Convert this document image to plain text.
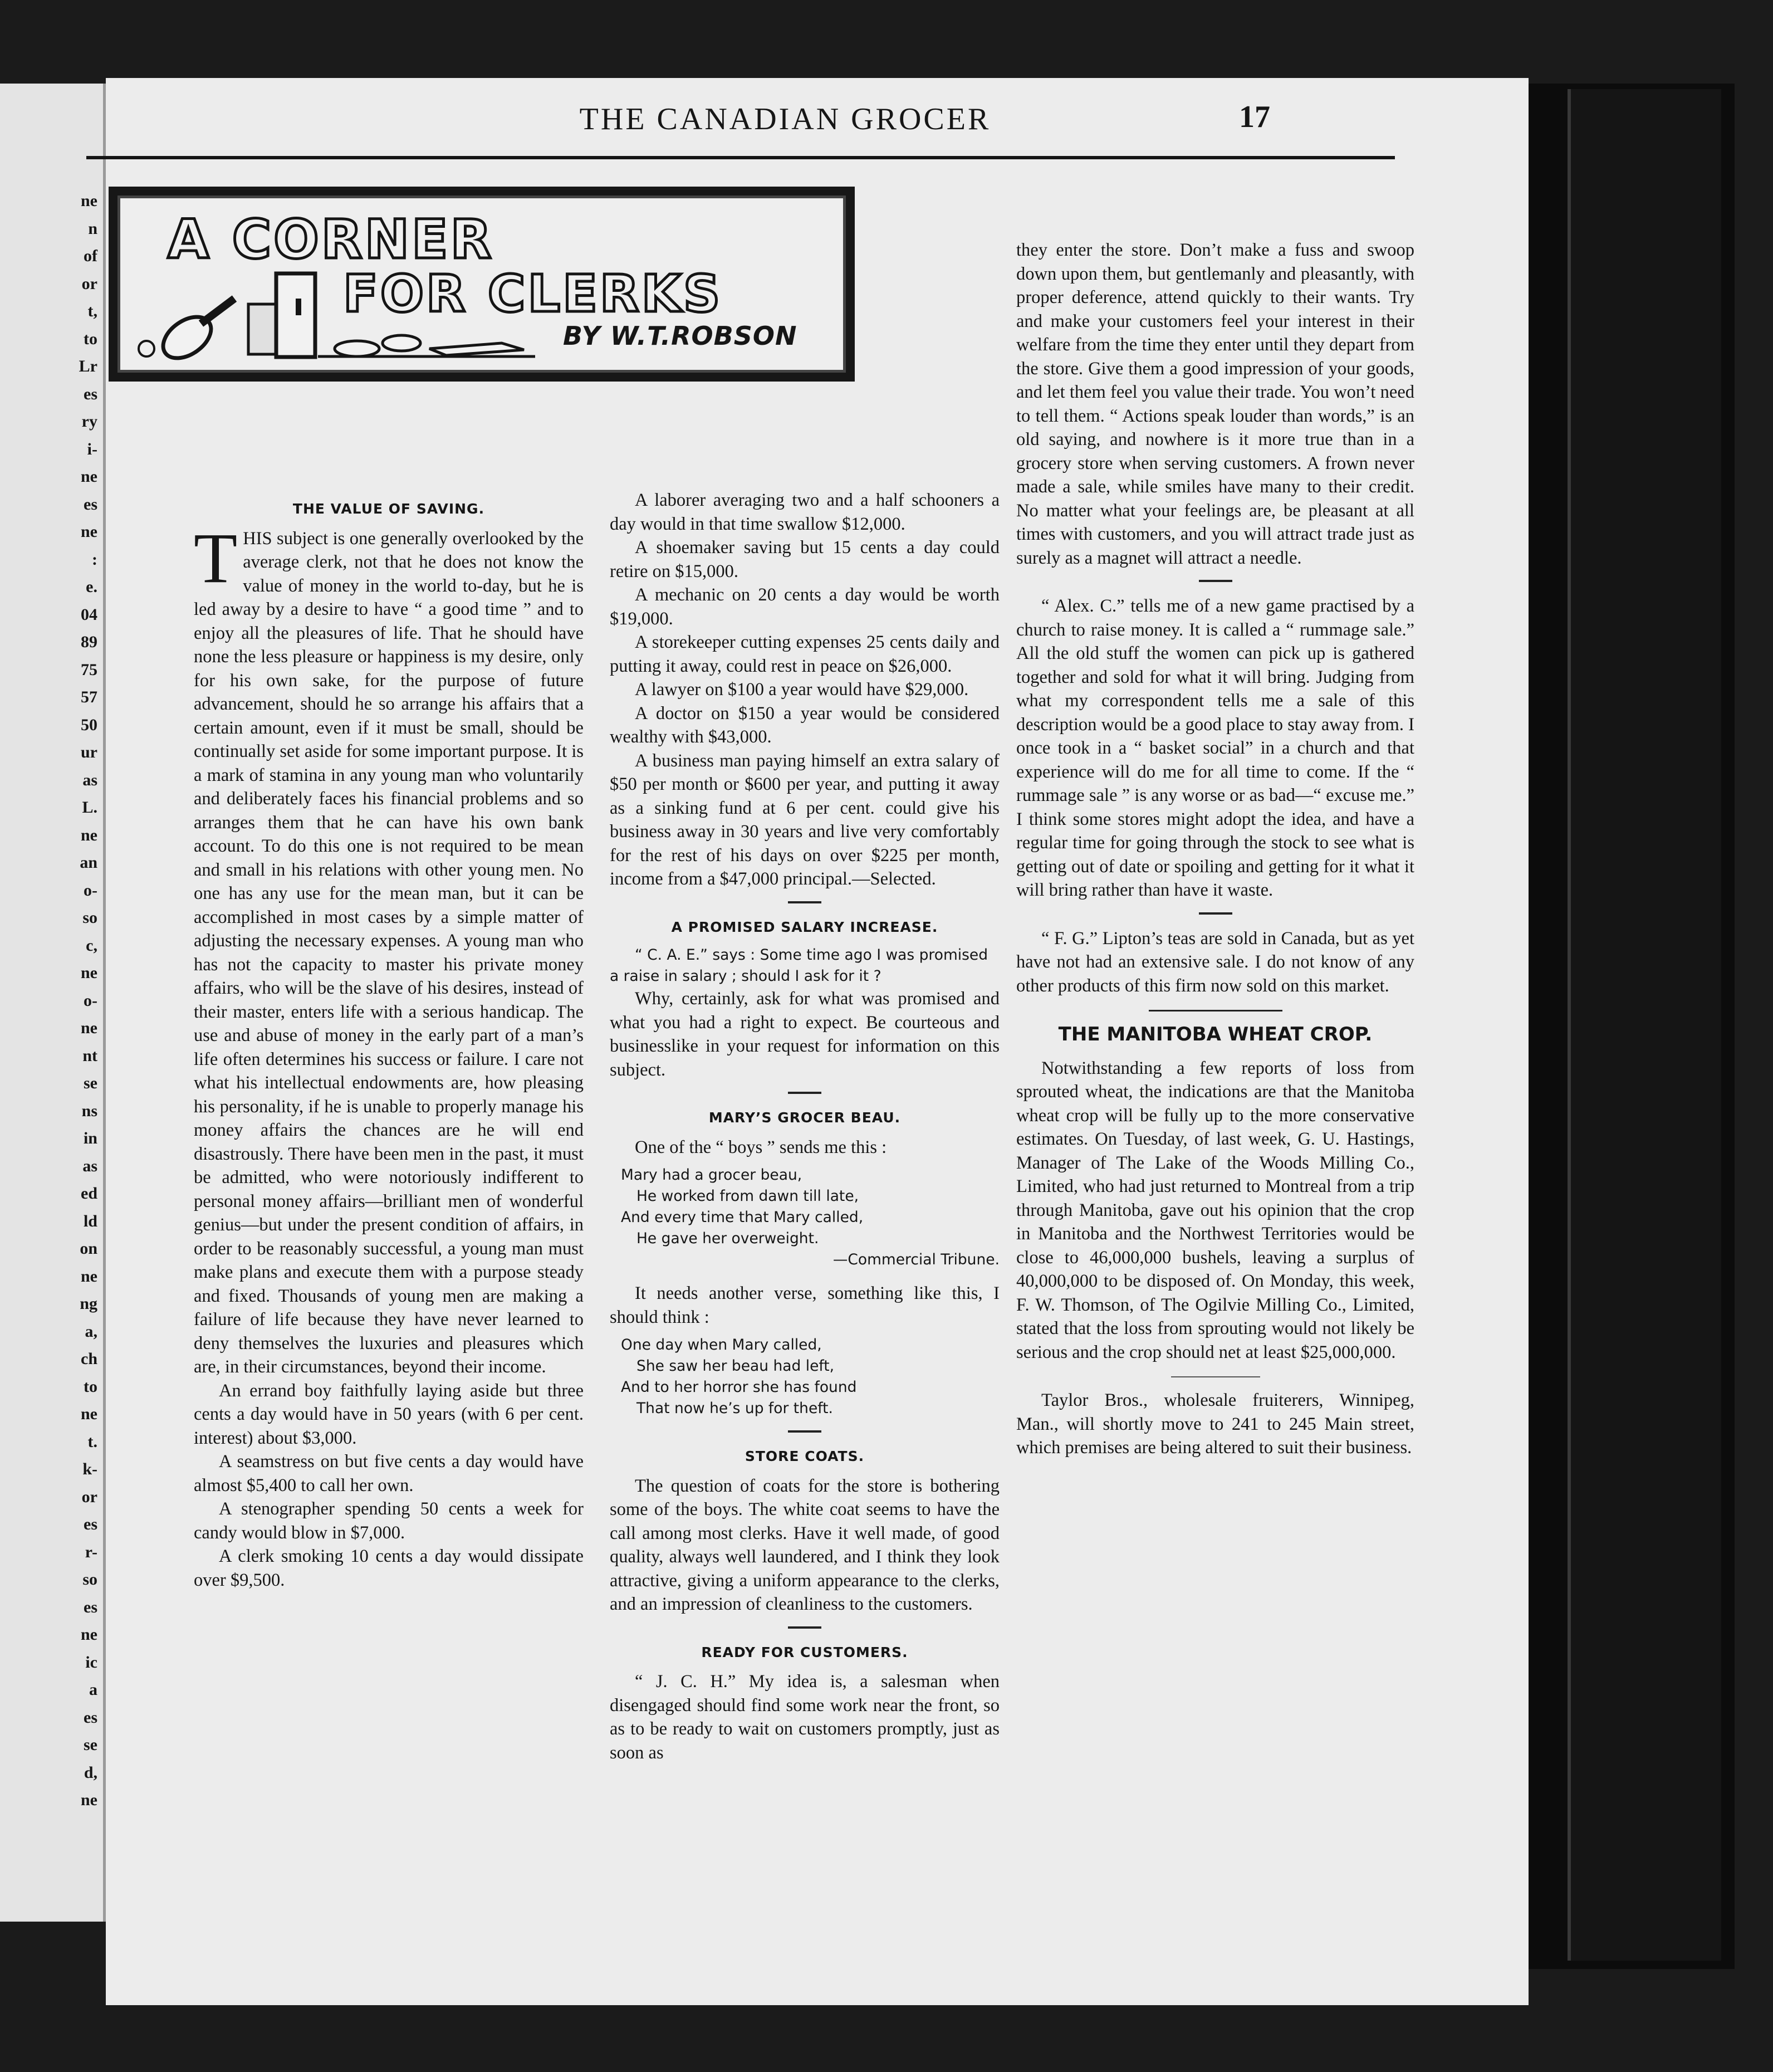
ne
n
of
or
t,
to
Lr
es
ry
i-
ne
es
ne
:
e.
04
89
75
57
50
ur
as
L.
ne
an
o-
so
c,
ne
o-
ne
nt
se
ns
in
as
ed
ld
on
ne
ng
a,
ch
to
ne
t.
k-
or
es
r-
so
es
ne
ic
a
es
se
d,
ne
THE CANADIAN GROCER	17
A CORNER
FOR CLERKS
BY W.T.ROBSON
THE VALUE OF SAVING.

THIS subject is one generally overlooked by the average clerk, not that he does not know the value of money in the world to-day, but he is led away by a desire to have “ a good time ” and to enjoy all the pleasures of life. That he should have none the less pleasure or happiness is my desire, only for his own sake, for the purpose of future advancement, should he so arrange his affairs that a certain amount, even if it must be small, should be continually set aside for some important purpose. It is a mark of stamina in any young man who voluntarily and deliberately faces his financial problems and so arranges them that he can have his own bank account. To do this one is not required to be mean and small in his relations with other young men. No one has any use for the mean man, but it can be accomplished in most cases by a simple matter of adjusting the necessary expenses. A young man who has not the capacity to master his private money affairs, who will be the slave of his desires, instead of their master, enters life with a serious handicap. The use and abuse of money in the early part of a man’s life often determines his success or failure. I care not what his intellectual endowments are, how pleasing his personality, if he is unable to properly manage his money affairs the chances are he will end disastrously. There have been men in the past, it must be admitted, who were notoriously indifferent to personal money affairs—brilliant men of wonderful genius—but under the present condition of affairs, in order to be reasonably successful, a young man must make plans and execute them with a purpose steady and fixed. Thousands of young men are making a failure of life because they have never learned to deny themselves the luxuries and pleasures which are, in their circumstances, beyond their income.

An errand boy faithfully laying aside but three cents a day would have in 50 years (with 6 per cent. interest) about $3,000.

A seamstress on but five cents a day would have almost $5,400 to call her own.

A stenographer spending 50 cents a week for candy would blow in $7,000.

A clerk smoking 10 cents a day would dissipate over $9,500.

A laborer averaging two and a half schooners a day would in that time swallow $12,000.

A shoemaker saving but 15 cents a day could retire on $15,000.

A mechanic on 20 cents a day would be worth $19,000.

A storekeeper cutting expenses 25 cents daily and putting it away, could rest in peace on $26,000.

A lawyer on $100 a year would have $29,000.

A doctor on $150 a year would be considered wealthy with $43,000.

A business man paying himself an extra salary of $50 per month or $600 per year, and putting it away as a sinking fund at 6 per cent. could give his business away in 30 years and live very comfortably for the rest of his days on over $225 per month, income from a $47,000 principal.—Selected.

A PROMISED SALARY INCREASE.

“ C. A. E.” says : Some time ago I was promised a raise in salary ; should I ask for it ?

Why, certainly, ask for what was promised and what you had a right to expect. Be courteous and businesslike in your request for information on this subject.

MARY’S GROCER BEAU.

One of the “ boys ” sends me this :

Mary had a grocer beau,
He worked from dawn till late,
And every time that Mary called,
He gave her overweight.
—Commercial Tribune.

It needs another verse, something like this, I should think :

One day when Mary called,
She saw her beau had left,
And to her horror she has found
That now he’s up for theft.
STORE COATS.

The question of coats for the store is bothering some of the boys. The white coat seems to have the call among most clerks. Have it well made, of good quality, always well laundered, and I think they look attractive, giving a uniform appearance to the clerks, and an impression of cleanliness to the customers.

READY FOR CUSTOMERS.

“ J. C. H.” My idea is, a salesman when disengaged should find some work near the front, so as to be ready to wait on customers promptly, just as soon as

they enter the store. Don’t make a fuss and swoop down upon them, but gentlemanly and pleasantly, with proper deference, attend quickly to their wants. Try and make your customers feel your interest in their welfare from the time they enter until they depart from the store. Give them a good impression of your goods, and let them feel you value their trade. You won’t need to tell them. “ Actions speak louder than words,” is an old saying, and nowhere is it more true than in a grocery store when serving customers. A frown never made a sale, while smiles have many to their credit. No matter what your feelings are, be pleasant at all times with customers, and you will attract trade just as surely as a magnet will attract a needle.

“ Alex. C.” tells me of a new game practised by a church to raise money. It is called a “ rummage sale.” All the old stuff the women can pick up is gathered together and sold for what it will bring. Judging from what my correspondent tells me a sale of this description would be a good place to stay away from. I once took in a “ basket social” in a church and that experience will do me for all time to come. If the “ rummage sale ” is any worse or as bad—“ excuse me.” I think some stores might adopt the idea, and have a regular time for going through the stock to see what is getting out of date or spoiling and getting for it what it will bring rather than have it waste.

“ F. G.” Lipton’s teas are sold in Canada, but as yet have not had an extensive sale. I do not know of any other products of this firm now sold on this market.

THE MANITOBA WHEAT CROP.

Notwithstanding a few reports of loss from sprouted wheat, the indications are that the Manitoba wheat crop will be fully up to the more conservative estimates. On Tuesday, of last week, G. U. Hastings, Manager of The Lake of the Woods Milling Co., Limited, who had just returned to Montreal from a trip through Manitoba, gave out his opinion that the crop in Manitoba and the Northwest Territories would be close to 46,000,000 bushels, leaving a surplus of 40,000,000 to be disposed of. On Monday, this week, F. W. Thomson, of The Ogilvie Milling Co., Limited, stated that the loss from sprouting would not likely be serious and the crop should net at least $25,000,000.

Taylor Bros., wholesale fruiterers, Winnipeg, Man., will shortly move to 241 to 245 Main street, which premises are being altered to suit their business.
